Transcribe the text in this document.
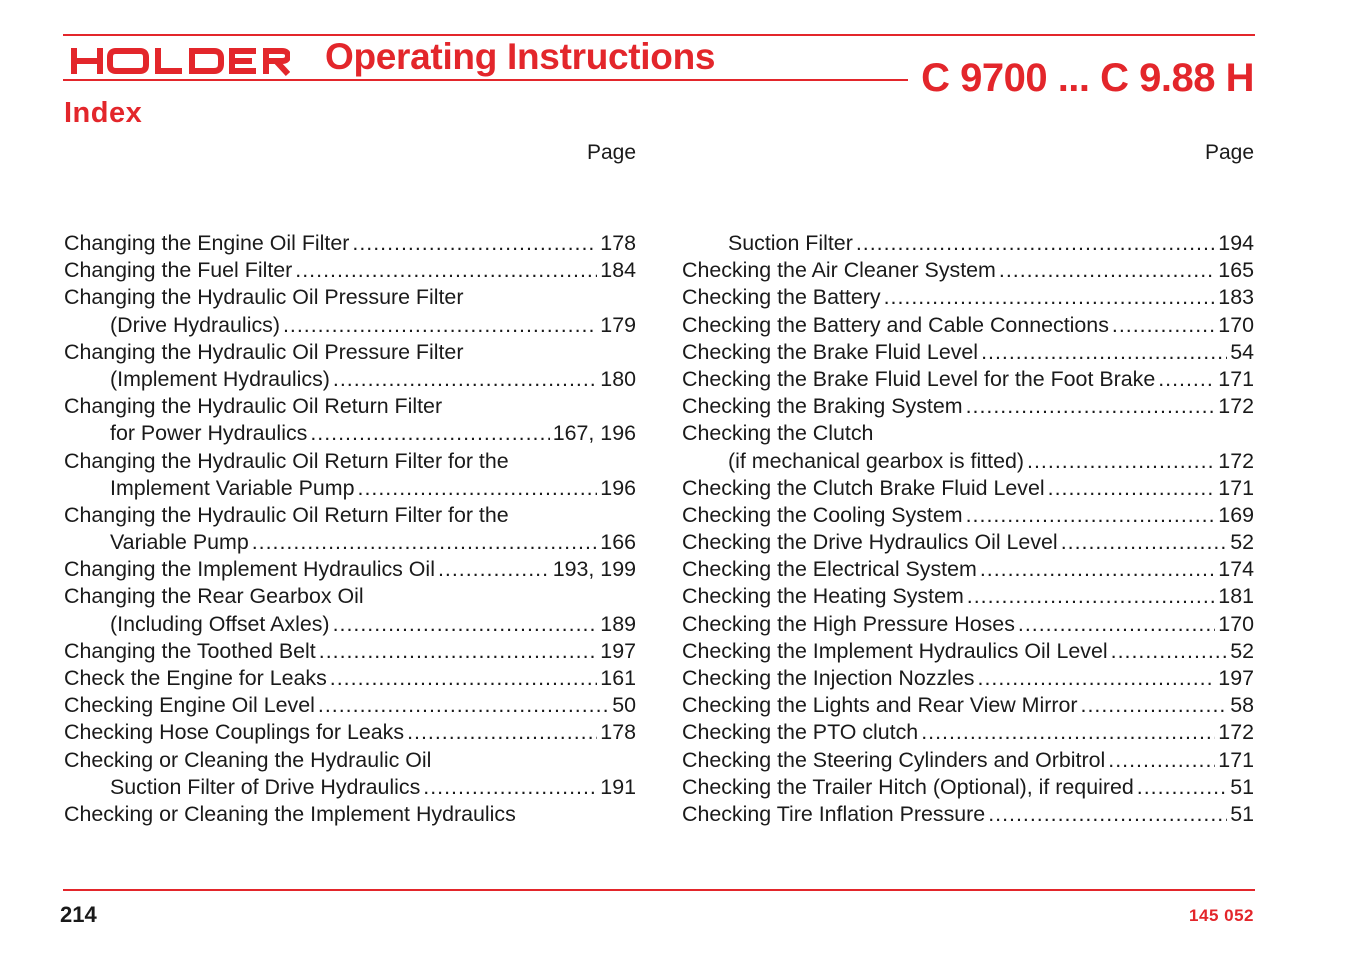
Operating Instructions	C 9700 ... C 9.88 H
Index
Page	Page
Changing the Engine Oil Filter .....	178
Changing the Fuel Filter .....	184
Changing the Hydraulic Oil Pressure Filter
(Drive Hydraulics) .....	179
Changing the Hydraulic Oil Pressure Filter
(Implement Hydraulics) .....	180
Changing the Hydraulic Oil Return Filter
for Power Hydraulics .....	167, 196
Changing the Hydraulic Oil Return Filter for the
Implement Variable Pump .....	196
Changing the Hydraulic Oil Return Filter for the
Variable Pump .....	166
Changing the Implement Hydraulics Oil .....	193, 199
Changing the Rear Gearbox Oil
(Including Offset Axles) .....	189
Changing the Toothed Belt .....	197
Check the Engine for Leaks .....	161
Checking Engine Oil Level .....	50
Checking Hose Couplings for Leaks .....	178
Checking or Cleaning the Hydraulic Oil
Suction Filter of Drive Hydraulics .....	191
Checking or Cleaning the Implement Hydraulics
Suction Filter .....	194
Checking the Air Cleaner System .....	165
Checking the Battery .....	183
Checking the Battery and Cable Connections .....	170
Checking the Brake Fluid Level .....	54
Checking the Brake Fluid Level for the Foot Brake .....	171
Checking the Braking System .....	172
Checking the Clutch
(if mechanical gearbox is fitted) .....	172
Checking the Clutch Brake Fluid Level .....	171
Checking the Cooling System .....	169
Checking the Drive Hydraulics Oil Level .....	52
Checking the Electrical System .....	174
Checking the Heating System .....	181
Checking the High Pressure Hoses .....	170
Checking the Implement Hydraulics Oil Level .....	52
Checking the Injection Nozzles .....	197
Checking the Lights and Rear View Mirror .....	58
Checking the PTO clutch .....	172
Checking the Steering Cylinders and Orbitrol .....	171
Checking the Trailer Hitch (Optional), if required .....	51
Checking Tire Inflation Pressure .....	51
214	145 052
